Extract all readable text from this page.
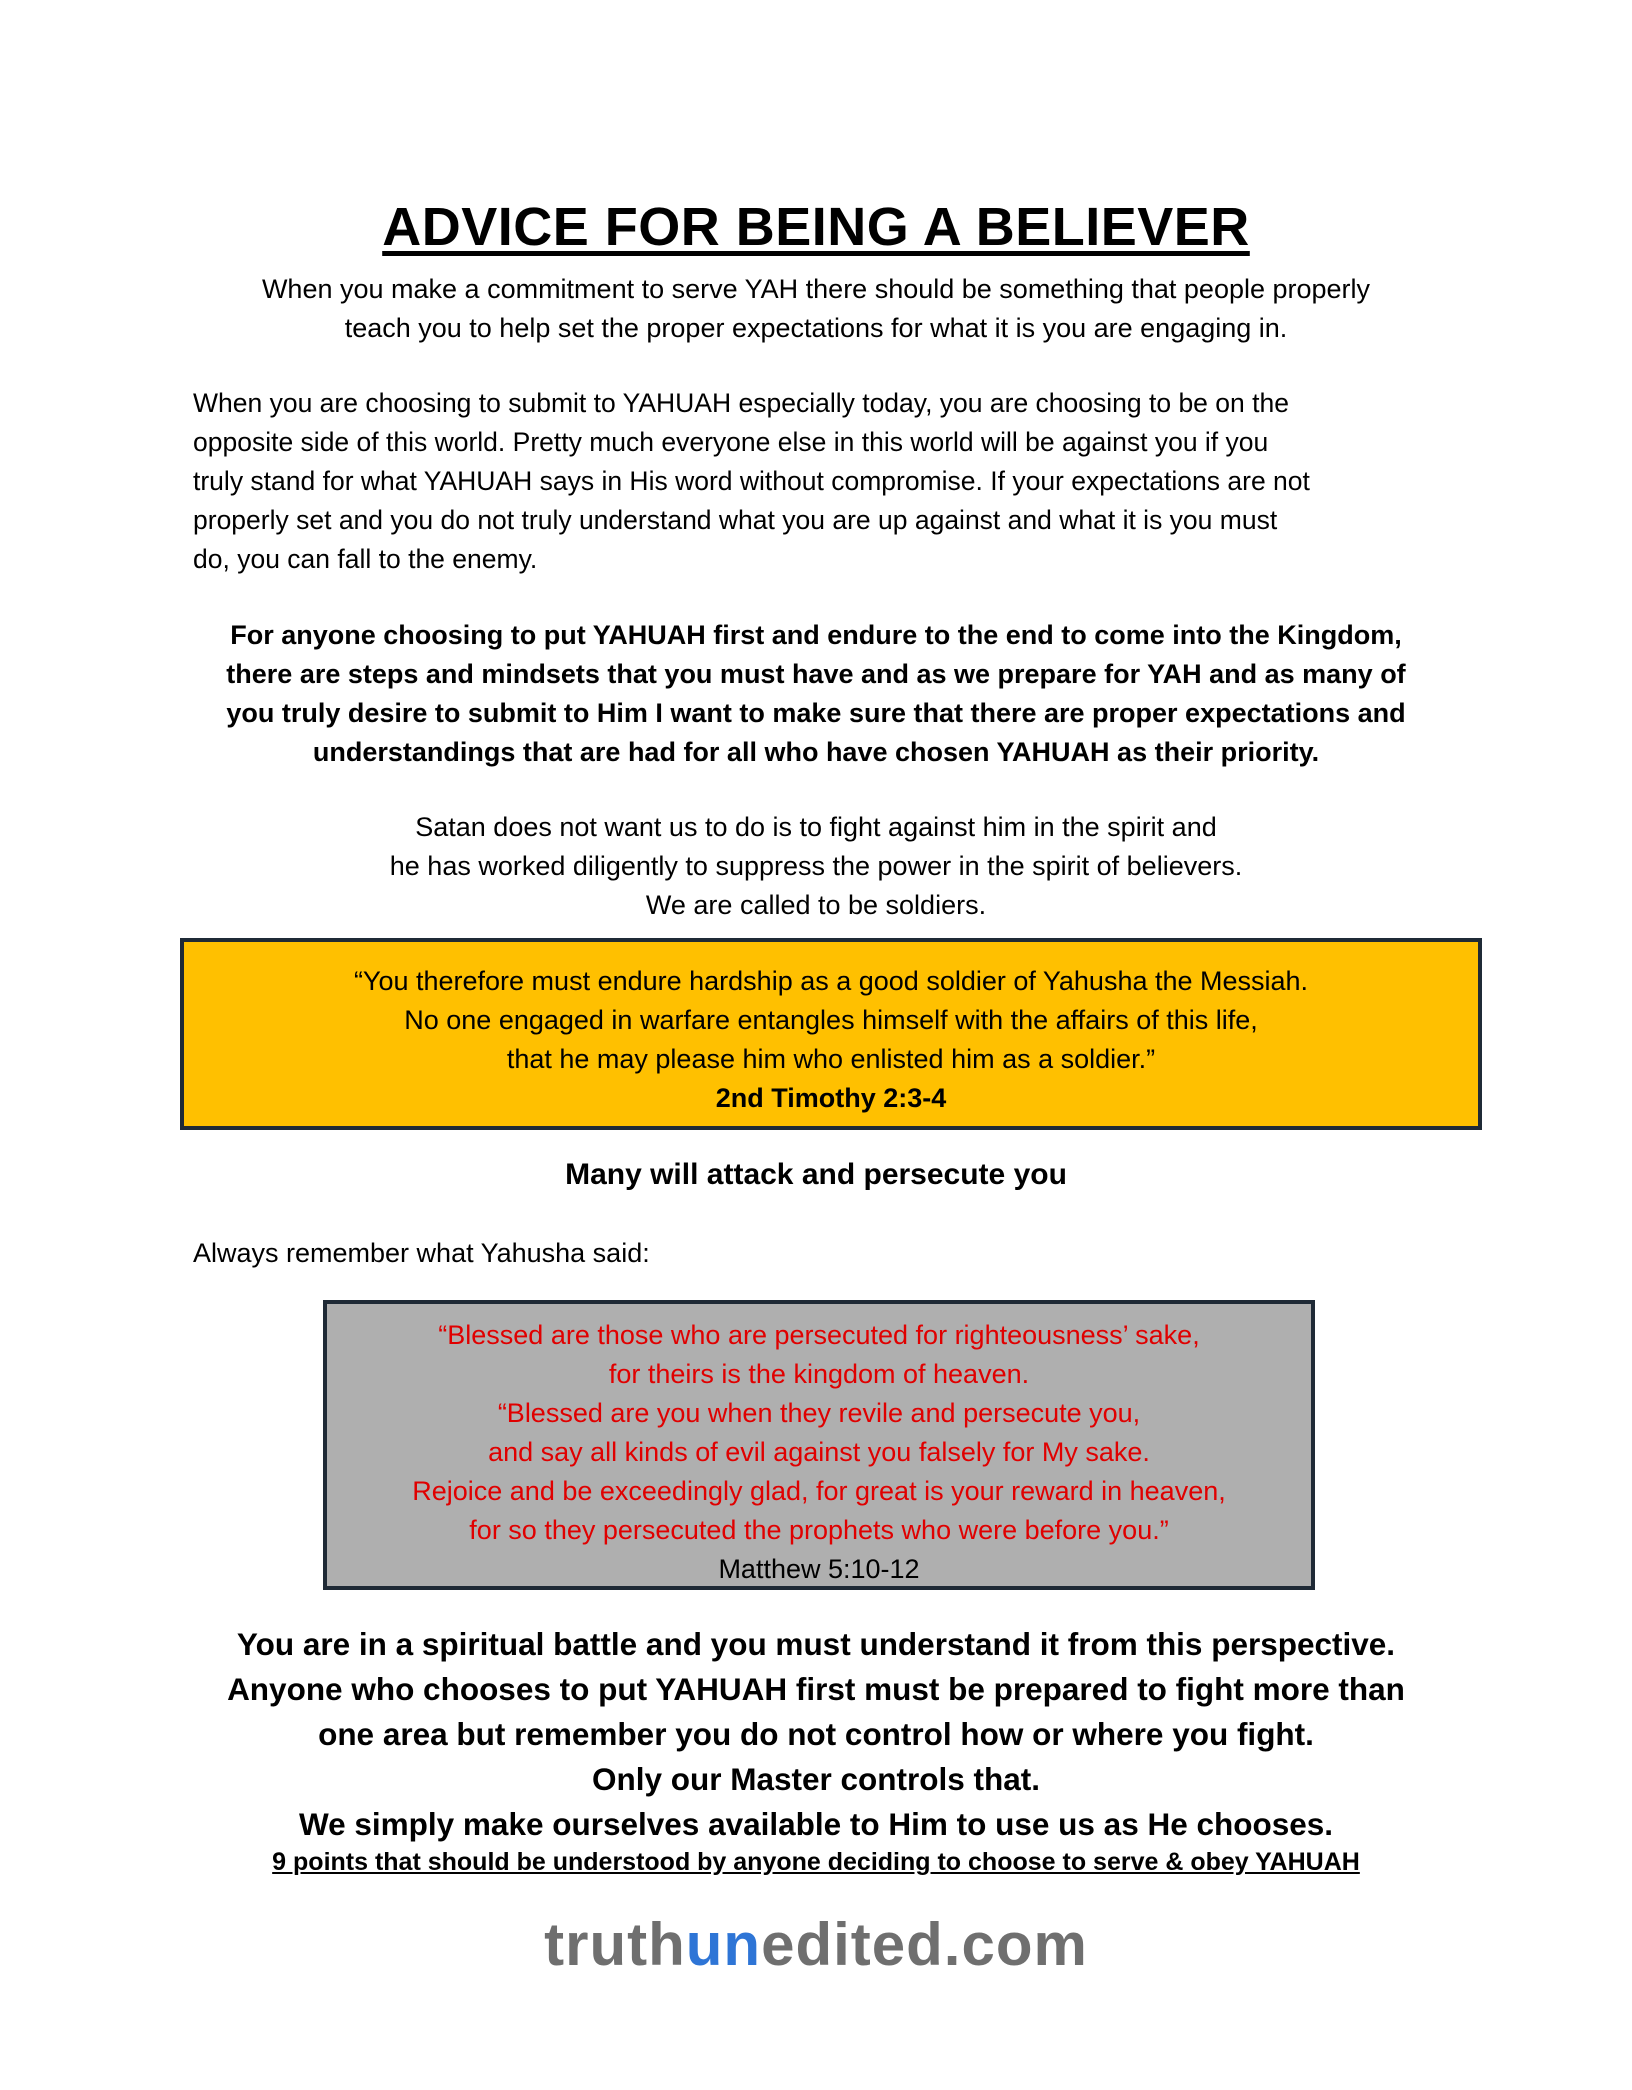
ADVICE FOR BEING A BELIEVER

When you make a commitment to serve YAH there should be something that people properly
teach you to help set the proper expectations for what it is you are engaging in.

When you are choosing to submit to YAHUAH especially today, you are choosing to be on the
opposite side of this world. Pretty much everyone else in this world will be against you if you
truly stand for what YAHUAH says in His word without compromise. If your expectations are not
properly set and you do not truly understand what you are up against and what it is you must
do, you can fall to the enemy.

For anyone choosing to put YAHUAH first and endure to the end to come into the Kingdom,
there are steps and mindsets that you must have and as we prepare for YAH and as many of
you truly desire to submit to Him I want to make sure that there are proper expectations and
understandings that are had for all who have chosen YAHUAH as their priority.

Satan does not want us to do is to fight against him in the spirit and
he has worked diligently to suppress the power in the spirit of believers.
We are called to be soldiers.

“You therefore must endure hardship as a good soldier of Yahusha the Messiah.
No one engaged in warfare entangles himself with the affairs of this life,
that he may please him who enlisted him as a soldier.”
2nd Timothy 2:3-4
Many will attack and persecute you

Always remember what Yahusha said:

“Blessed are those who are persecuted for righteousness’ sake,
for theirs is the kingdom of heaven.
“Blessed are you when they revile and persecute you,
and say all kinds of evil against you falsely for My sake.
Rejoice and be exceedingly glad, for great is your reward in heaven,
for so they persecuted the prophets who were before you.”
Matthew 5:10-12

You are in a spiritual battle and you must understand it from this perspective.
Anyone who chooses to put YAHUAH first must be prepared to fight more than
one area but remember you do not control how or where you fight.
Only our Master controls that.
We simply make ourselves available to Him to use us as He chooses.

9 points that should be understood by anyone deciding to choose to serve & obey YAHUAH

truthunedited.com
